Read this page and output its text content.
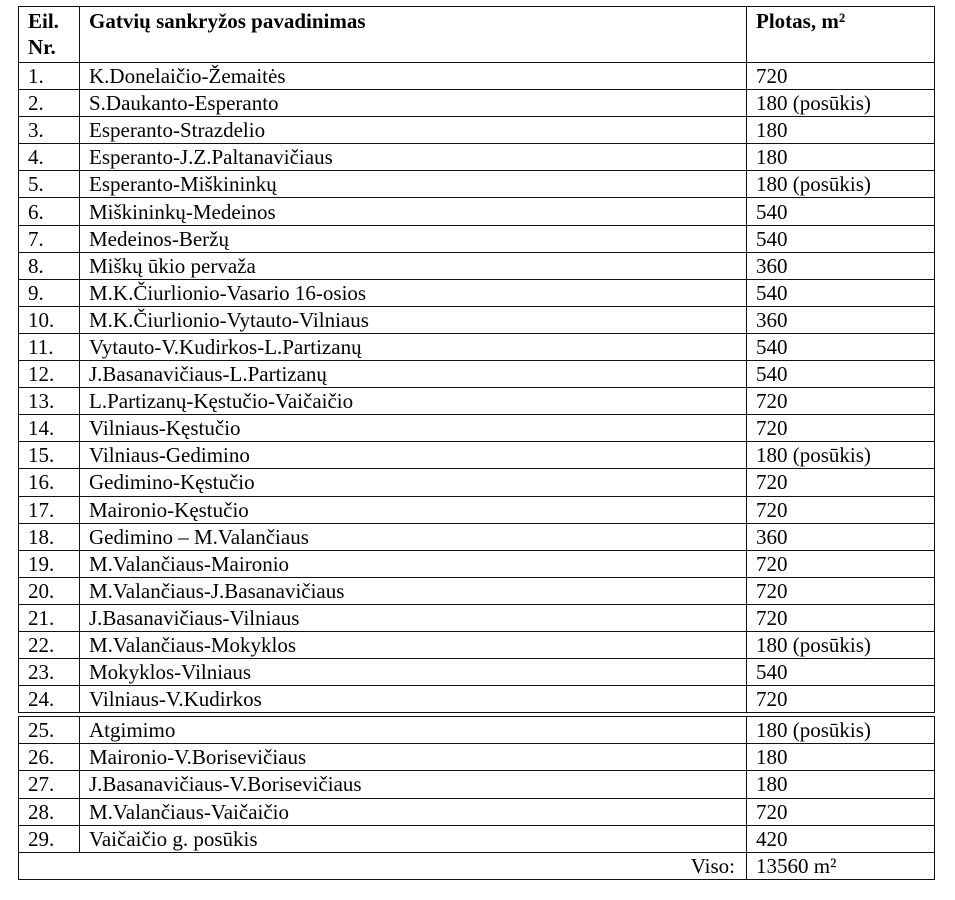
Eil.
Nr.	Gatvių sankryžos pavadinimas	Plotas, m²
1.	K.Donelaičio-Žemaitės	720
2.	S.Daukanto-Esperanto	180 (posūkis)
3.	Esperanto-Strazdelio	180
4.	Esperanto-J.Z.Paltanavičiaus	180
5.	Esperanto-Miškininkų	180 (posūkis)
6.	Miškininkų-Medeinos	540
7.	Medeinos-Beržų	540
8.	Miškų ūkio pervaža	360
9.	M.K.Čiurlionio-Vasario 16-osios	540
10.	M.K.Čiurlionio-Vytauto-Vilniaus	360
11.	Vytauto-V.Kudirkos-L.Partizanų	540
12.	J.Basanavičiaus-L.Partizanų	540
13.	L.Partizanų-Kęstučio-Vaičaičio	720
14.	Vilniaus-Kęstučio	720
15.	Vilniaus-Gedimino	180 (posūkis)
16.	Gedimino-Kęstučio	720
17.	Maironio-Kęstučio	720
18.	Gedimino – M.Valančiaus	360
19.	M.Valančiaus-Maironio	720
20.	M.Valančiaus-J.Basanavičiaus	720
21.	J.Basanavičiaus-Vilniaus	720
22.	M.Valančiaus-Mokyklos	180 (posūkis)
23.	Mokyklos-Vilniaus	540
24.	Vilniaus-V.Kudirkos	720
25.	Atgimimo	180 (posūkis)
26.	Maironio-V.Borisevičiaus	180
27.	J.Basanavičiaus-V.Borisevičiaus	180
28.	M.Valančiaus-Vaičaičio	720
29.	Vaičaičio g. posūkis	420
Viso:		13560 m²
